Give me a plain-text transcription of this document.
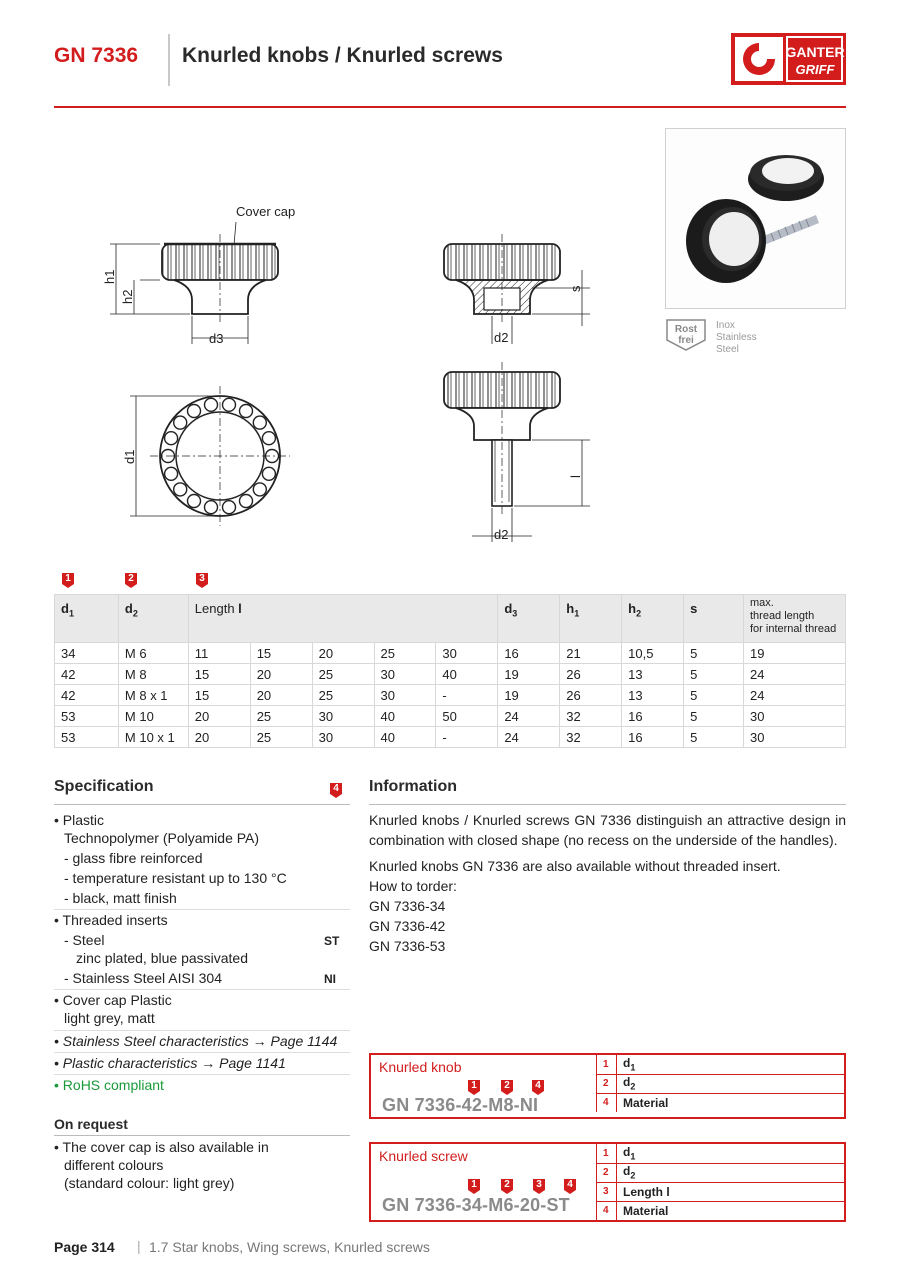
GN 7336 Knurled knobs / Knurled screws	GANTER
GRIFF
Rost
frei
Inox
Stainless
Steel
Cover cap
h1
h2
d3
d1
s
d2
l
d2
1	2	3
$d_1$	$d_2$	Length l					$d_3$	$h_1$	$h_2$	s	max.
thread length
for internal thread

34	M 6	11	15	20	25	30	16	21	10,5	5	19
42	M 8	15	20	25	30	40	19	26	13	5	24
42	M 8 x 1	15	20	25	30	-	19	26	13	5	24
53	M 10	20	25	30	40	50	24	32	16	5	30
53	M 10 x 1	20	25	30	40	-	24	32	16	5	30
Specification	4
• Plastic
Technopolymer (Polyamide PA)
- glass fibre reinforced
- temperature resistant up to 130 °C
- black, matt finish
• Threaded inserts
- Steel	ST
zinc plated, blue passivated
- Stainless Steel AISI 304	NI
• Cover cap Plastic
light grey, matt
• Stainless Steel characteristics → Page 1144
• Plastic characteristics → Page 1141
• RoHS compliant
On request
• The cover cap is also available in
different colours
(standard colour: light grey)
Information

Knurled knobs / Knurled screws GN 7336 distinguish an attractive design in combination with closed shape (no recess on the underside of the handles).

Knurled knobs GN 7336 are also available without threaded insert.
How to torder:
GN 7336-34
GN 7336-42
GN 7336-53
Knurled knob
1	2	4
GN 7336-42-M8-NI
1	$d_1$
2	$d_2$
4	Material
Knurled screw
1	2	3	4
GN 7336-34-M6-20-ST
1	$d_1$
2	$d_2$
3	Length l
4	Material
Page 314 | 1.7 Star knobs, Wing screws, Knurled screws
